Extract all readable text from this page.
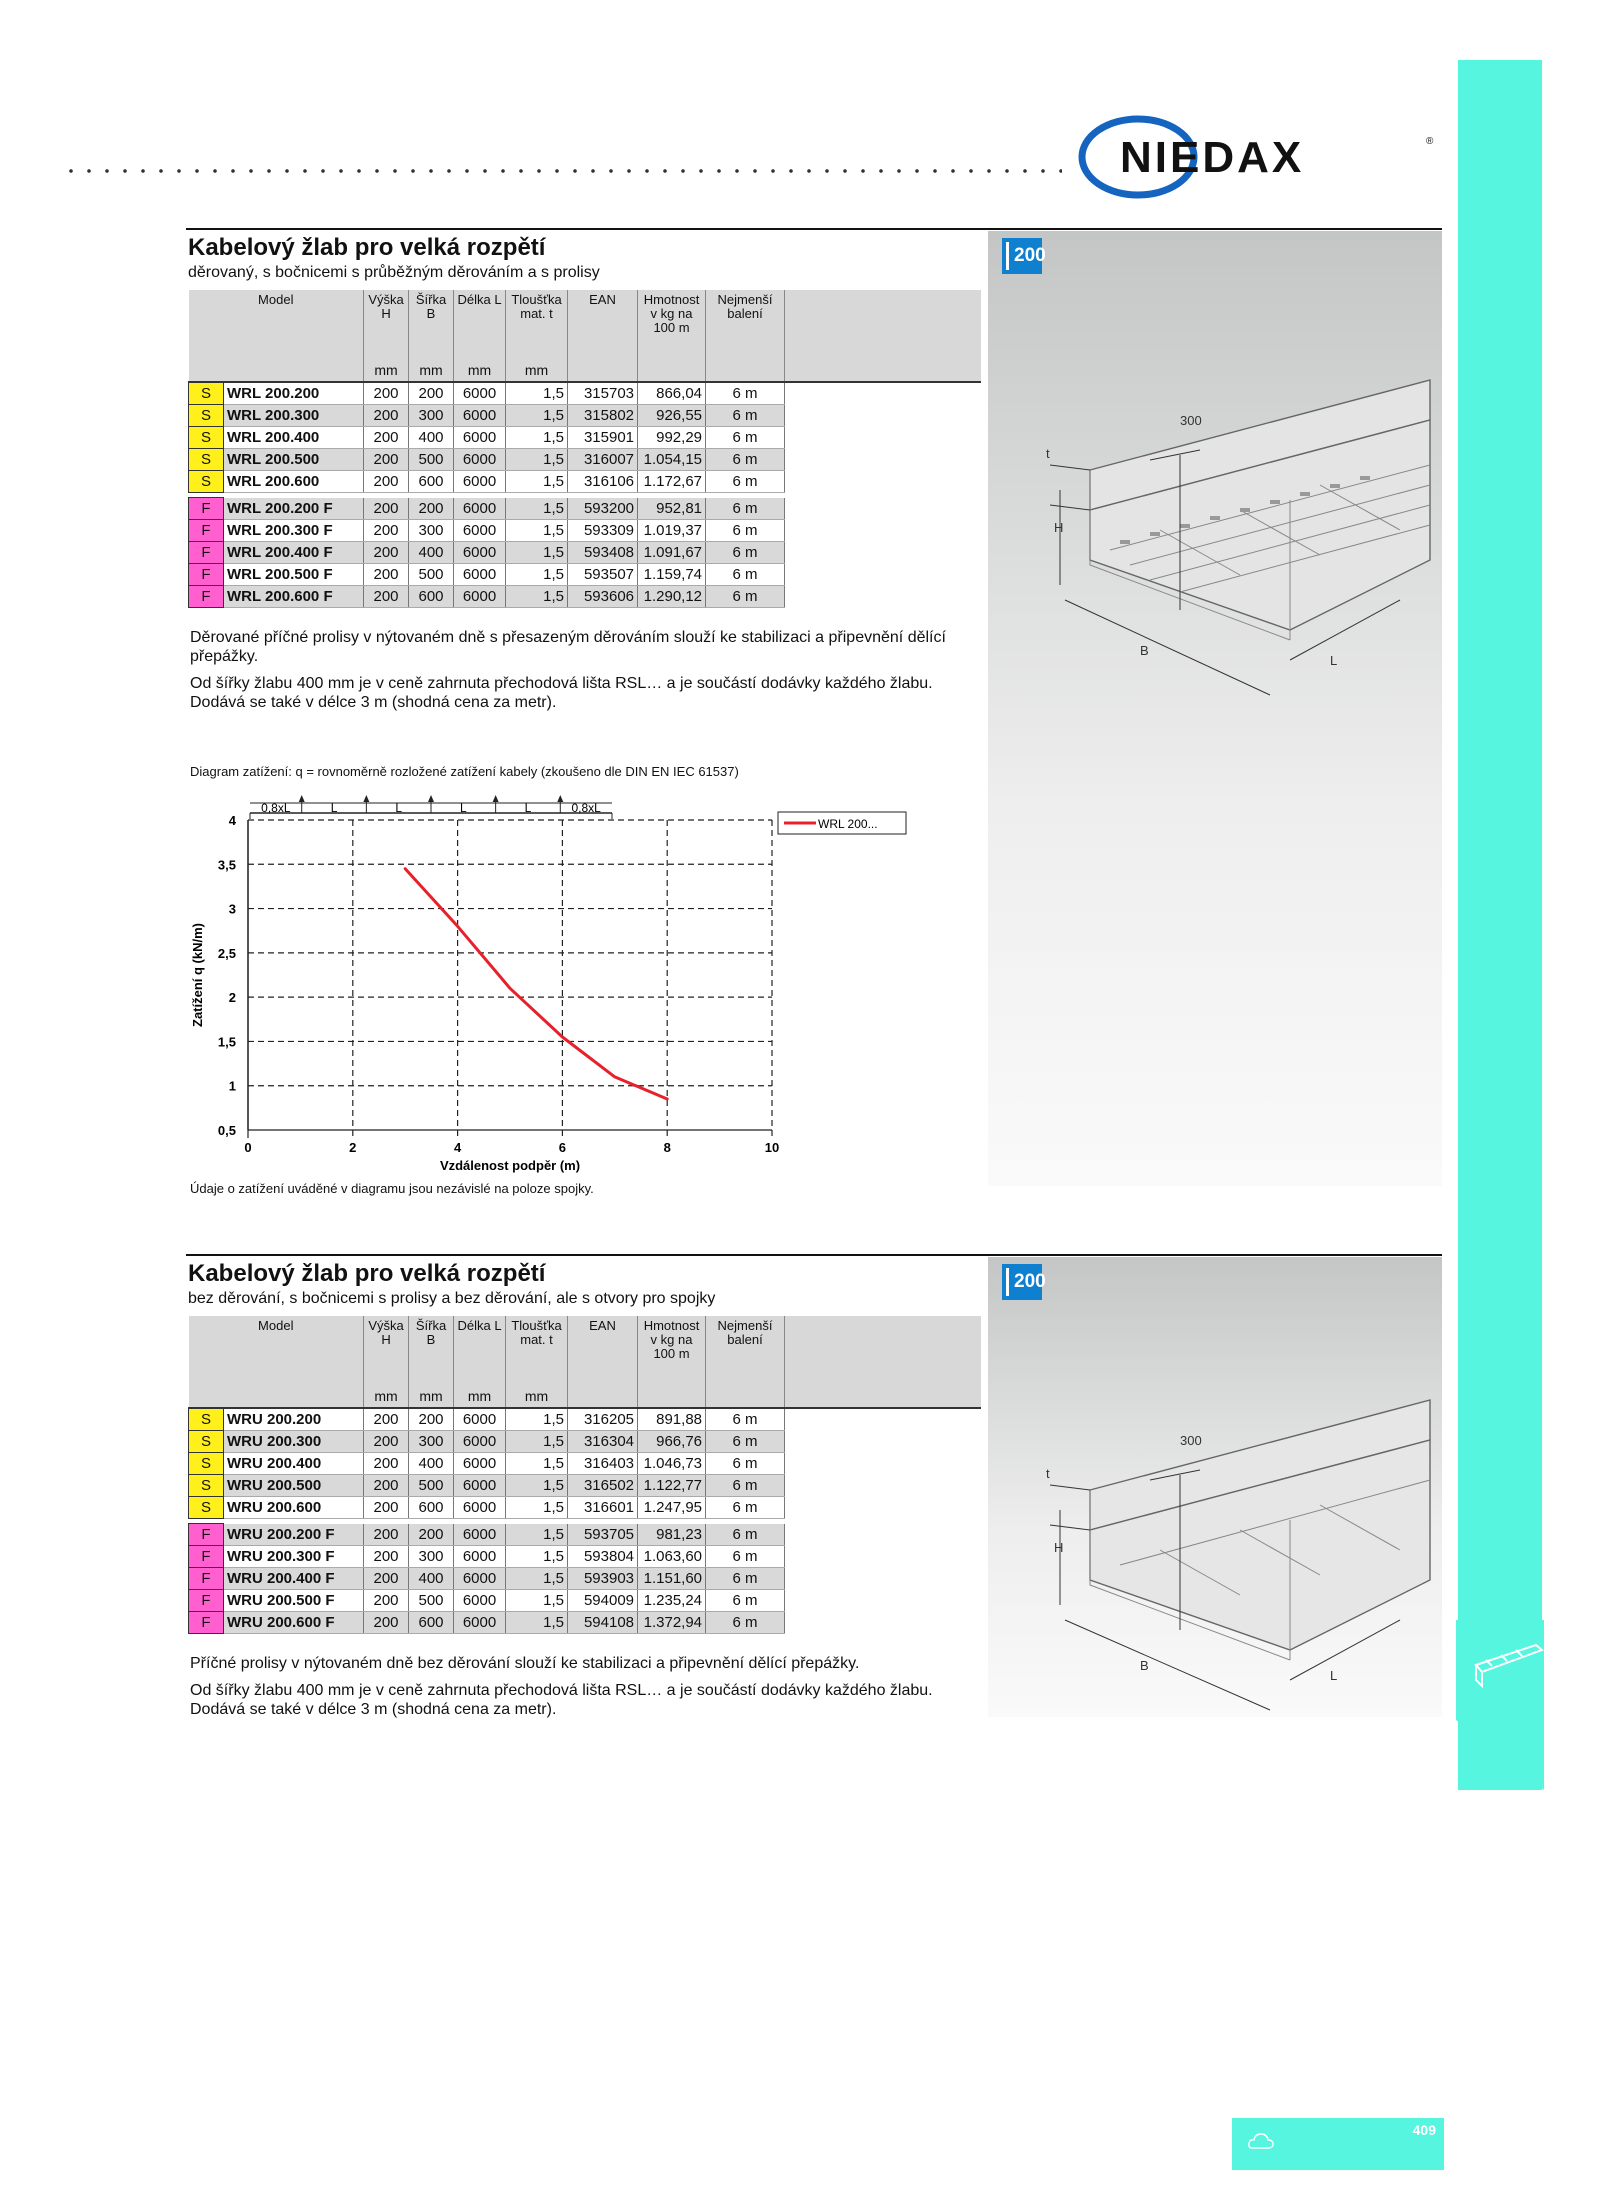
NIEDAX	®
Kabelový žlab pro velká rozpětí
děrovaný, s bočnicemi s průběžným děrováním a s prolisy
200
300
t
H
B
L
Model		Výška H	Šířka B	Délka L	Tloušťka mat. t	EAN	Hmotnost v kg na 100 m	Nejmenší balení	
		mm	mm	mm	mm				
S	WRL 200.200	200	200	6000	1,5	315703	866,04	6 m	
S	WRL 200.300	200	300	6000	1,5	315802	926,55	6 m	
S	WRL 200.400	200	400	6000	1,5	315901	992,29	6 m	
S	WRL 200.500	200	500	6000	1,5	316007	1.054,15	6 m	
S	WRL 200.600	200	600	6000	1,5	316106	1.172,67	6 m	

F	WRL 200.200 F	200	200	6000	1,5	593200	952,81	6 m	
F	WRL 200.300 F	200	300	6000	1,5	593309	1.019,37	6 m	
F	WRL 200.400 F	200	400	6000	1,5	593408	1.091,67	6 m	
F	WRL 200.500 F	200	500	6000	1,5	593507	1.159,74	6 m	
F	WRL 200.600 F	200	600	6000	1,5	593606	1.290,12	6 m	

Děrované příčné prolisy v nýtovaném dně s přesazeným děrováním slouží ke stabilizaci a připevnění dělící přepážky.

Od šířky žlabu 400 mm je v ceně zahrnuta přechodová lišta RSL… a je součástí dodávky každého žlabu.

Dodává se také v délce 3 m (shodná cena za metr).

Diagram zatížení: q = rovnoměrně rozložené zatížení kabely (zkoušeno dle DIN EN IEC 61537)
0,5
1
1,5
2
2,5
3
3,5
4
0	2	4	6	8	10
Vzdálenost podpěr (m)
Zatížení q (kN/m)
0,8xL	L	L	L	L	0,8xL
WRL 200...
Údaje o zatížení uváděné v diagramu jsou nezávislé na poloze spojky.
Kabelový žlab pro velká rozpětí
bez děrování, s bočnicemi s prolisy a bez děrování, ale s otvory pro spojky
200
300
t
H
B
L
Model		Výška H	Šířka B	Délka L	Tloušťka mat. t	EAN	Hmotnost v kg na 100 m	Nejmenší balení	
		mm	mm	mm	mm				
S	WRU 200.200	200	200	6000	1,5	316205	891,88	6 m	
S	WRU 200.300	200	300	6000	1,5	316304	966,76	6 m	
S	WRU 200.400	200	400	6000	1,5	316403	1.046,73	6 m	
S	WRU 200.500	200	500	6000	1,5	316502	1.122,77	6 m	
S	WRU 200.600	200	600	6000	1,5	316601	1.247,95	6 m	

F	WRU 200.200 F	200	200	6000	1,5	593705	981,23	6 m	
F	WRU 200.300 F	200	300	6000	1,5	593804	1.063,60	6 m	
F	WRU 200.400 F	200	400	6000	1,5	593903	1.151,60	6 m	
F	WRU 200.500 F	200	500	6000	1,5	594009	1.235,24	6 m	
F	WRU 200.600 F	200	600	6000	1,5	594108	1.372,94	6 m	

Příčné prolisy v nýtovaném dně bez děrování slouží ke stabilizaci a připevnění dělící přepážky.

Od šířky žlabu 400 mm je v ceně zahrnuta přechodová lišta RSL… a je součástí dodávky každého žlabu.

Dodává se také v délce 3 m (shodná cena za metr).

409
